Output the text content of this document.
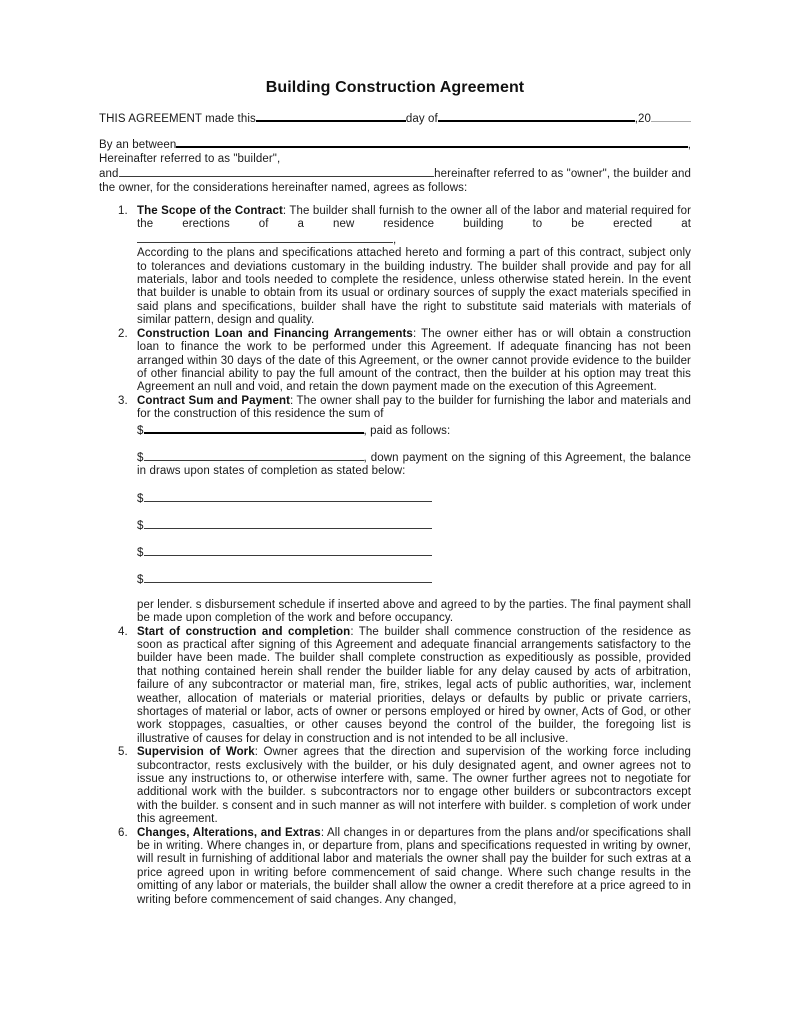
Building Construction Agreement
THIS AGREEMENT made this	day of	,20
By an between	,
Hereinafter referred to as "builder",
and	hereinafter referred to as "owner", the builder and
the owner, for the considerations hereinafter named, agrees as follows:
1. The Scope of the Contract: The builder shall furnish to the owner all of the labor and material required for the erections of a new residence building to be erected at

,

According to the plans and specifications attached hereto and forming a part of this contract, subject only to tolerances and deviations customary in the building industry. The builder shall provide and pay for all materials, labor and tools needed to complete the residence, unless otherwise stated herein. In the event that builder is unable to obtain from its usual or ordinary sources of supply the exact materials specified in said plans and specifications, builder shall have the right to substitute said materials with materials of similar pattern, design and quality.

2. Construction Loan and Financing Arrangements: The owner either has or will obtain a construction loan to finance the work to be performed under this Agreement. If adequate financing has not been arranged within 30 days of the date of this Agreement, or the owner cannot provide evidence to the builder of other financial ability to pay the full amount of the contract, then the builder at his option may treat this Agreement an null and void, and retain the down payment made on the execution of this Agreement.

3. Contract Sum and Payment: The owner shall pay to the builder for furnishing the labor and materials and for the construction of this residence the sum of

$	, paid as follows:

$	, down payment on the signing of this Agreement, the balance in draws upon states of completion as stated below:

$
$
$
$

per lender. s disbursement schedule if inserted above and agreed to by the parties. The final payment shall be made upon completion of the work and before occupancy.

4. Start of construction and completion: The builder shall commence construction of the residence as soon as practical after signing of this Agreement and adequate financial arrangements satisfactory to the builder have been made. The builder shall complete construction as expeditiously as possible, provided that nothing contained herein shall render the builder liable for any delay caused by acts of arbitration, failure of any subcontractor or material man, fire, strikes, legal acts of public authorities, war, inclement weather, allocation of materials or material priorities, delays or defaults by public or private carriers, shortages of material or labor, acts of owner or persons employed or hired by owner, Acts of God, or other work stoppages, casualties, or other causes beyond the control of the builder, the foregoing list is illustrative of causes for delay in construction and is not intended to be all inclusive.

5. Supervision of Work: Owner agrees that the direction and supervision of the working force including subcontractor, rests exclusively with the builder, or his duly designated agent, and owner agrees not to issue any instructions to, or otherwise interfere with, same. The owner further agrees not to negotiate for additional work with the builder. s subcontractors nor to engage other builders or subcontractors except with the builder. s consent and in such manner as will not interfere with builder. s completion of work under this agreement.

6. Changes, Alterations, and Extras: All changes in or departures from the plans and/or specifications shall be in writing. Where changes in, or departure from, plans and specifications requested in writing by owner, will result in furnishing of additional labor and materials the owner shall pay the builder for such extras at a price agreed upon in writing before commencement of said change. Where such change results in the omitting of any labor or materials, the builder shall allow the owner a credit therefore at a price agreed to in writing before commencement of said changes. Any changed,
